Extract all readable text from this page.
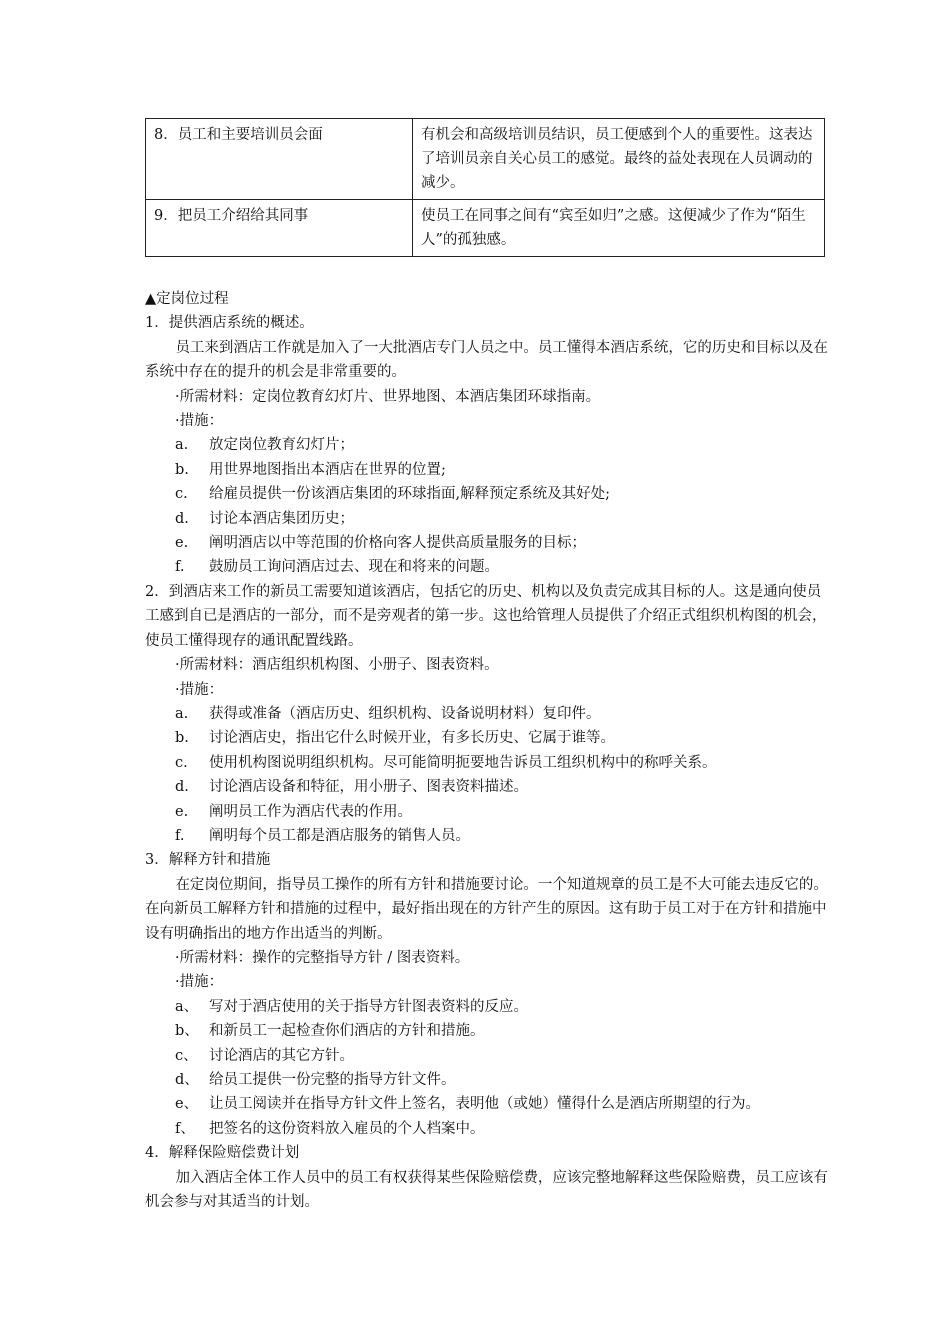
8．员工和主要培训员会面	有机会和高级培训员结识，员工便感到个人的重要性。这表达了培训员亲自关心员工的感觉。最终的益处表现在人员调动的减少。
9．把员工介绍给其同事	使员工在同事之间有“宾至如归”之感。这便减少了作为“陌生人”的孤独感。
▲定岗位过程
1．提供酒店系统的概述。
员工来到酒店工作就是加入了一大批酒店专门人员之中。员工懂得本酒店系统，它的历史和目标以及在系统中存在的提升的机会是非常重要的。
·所需材料：定岗位教育幻灯片、世界地图、本酒店集团环球指南。
·措施：
a.	放定岗位教育幻灯片；
b.	用世界地图指出本酒店在世界的位置;
c.	给雇员提供一份该酒店集团的环球指面,解释预定系统及其好处;
d.	讨论本酒店集团历史；
e.	阐明酒店以中等范围的价格向客人提供高质量服务的目标；
f.	鼓励员工询问酒店过去、现在和将来的问题。
2．到酒店来工作的新员工需要知道该酒店，包括它的历史、机构以及负责完成其目标的人。这是通向使员工感到自已是酒店的一部分，而不是旁观者的第一步。这也给管理人员提供了介绍正式组织机构图的机会，使员工懂得现存的通讯配置线路。
·所需材料：酒店组织机构图、小册子、图表资料。
·措施：
a.	获得或准备（酒店历史、组织机构、设备说明材料）复印件。
b.	讨论酒店史，指出它什么时候开业，有多长历史、它属于谁等。
c.	使用机构图说明组织机构。尽可能简明扼要地告诉员工组织机构中的称呼关系。
d.	讨论酒店设备和特征，用小册子、图表资料描述。
e.	阐明员工作为酒店代表的作用。
f.	阐明每个员工都是酒店服务的销售人员。
3．解释方针和措施
在定岗位期间，指导员工操作的所有方针和措施要讨论。一个知道规章的员工是不大可能去违反它的。在向新员工解释方针和措施的过程中，最好指出现在的方针产生的原因。这有助于员工对于在方针和措施中设有明确指出的地方作出适当的判断。
·所需材料：操作的完整指导方针 / 图表资料。
·措施：
a、 写对于酒店使用的关于指导方针图表资料的反应。
b、 和新员工一起检查你们酒店的方针和措施。
c、 讨论酒店的其它方针。
d、 给员工提供一份完整的指导方针文件。
e、 让员工阅读并在指导方针文件上签名，表明他（或她）懂得什么是酒店所期望的行为。
f、 把签名的这份资料放入雇员的个人档案中。
4．解释保险赔偿费计划
加入酒店全体工作人员中的员工有权获得某些保险赔偿费，应该完整地解释这些保险赔费，员工应该有机会参与对其适当的计划。
